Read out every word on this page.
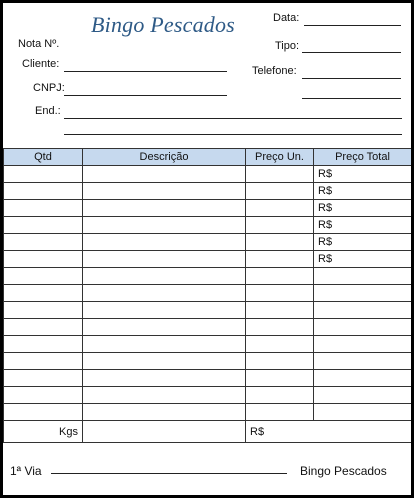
Bingo Pescados
Nota Nº.
Cliente:
CNPJ:
End.:
Data:
Tipo:
Telefone:
Qtd	Descrição	Preço Un.	Preço Total
			R$
			R$
			R$
			R$
			R$
			R$

Kgs		R$	
1ª Via	Bingo Pescados
